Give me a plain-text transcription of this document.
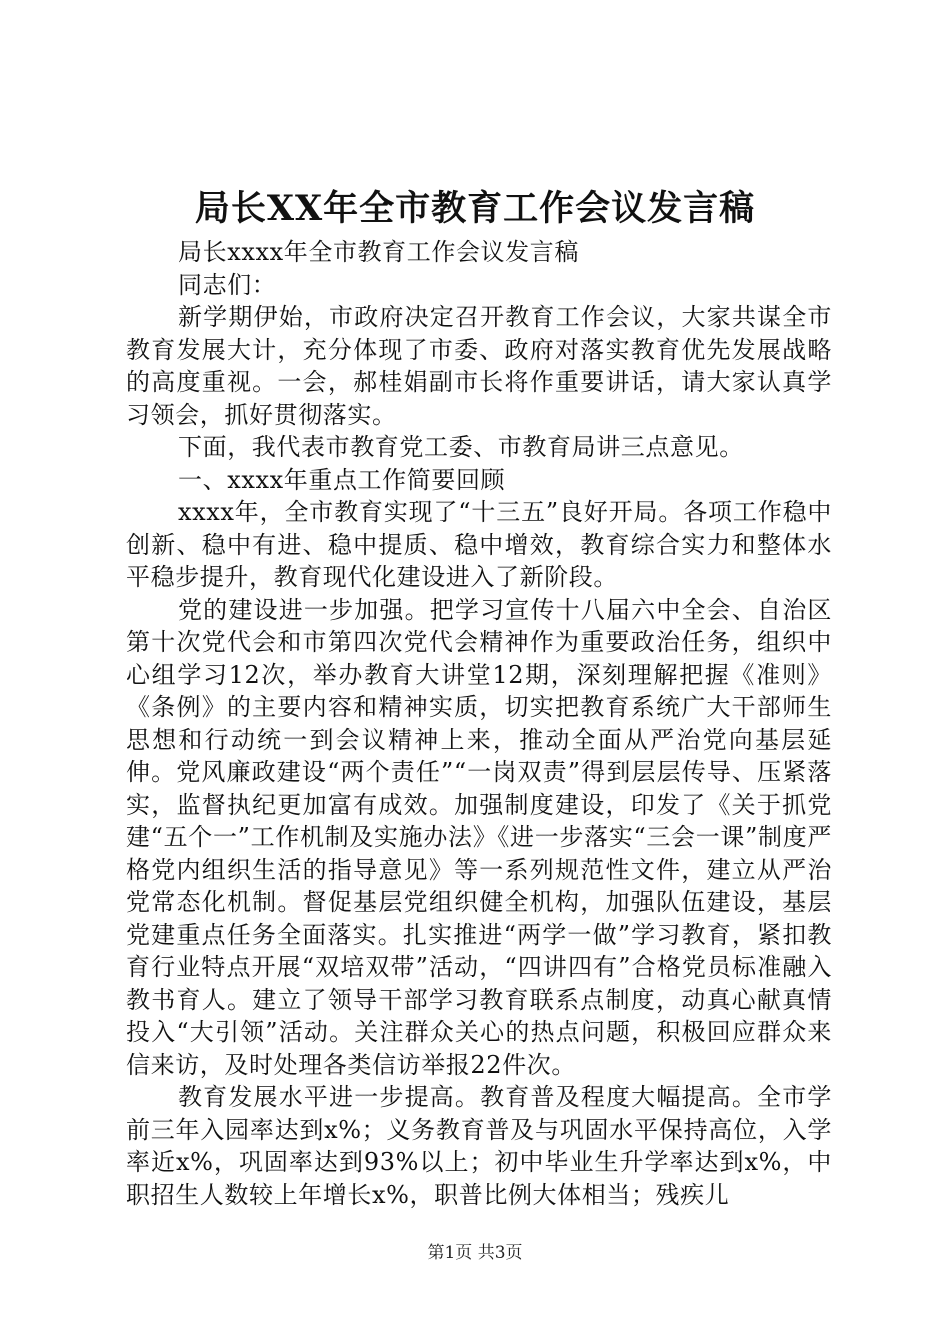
局长XX年全市教育工作会议发言稿

局长xxxx年全市教育工作会议发言稿

同志们：

新学期伊始，市政府决定召开教育工作会议，大家共谋全市教育发展大计，充分体现了市委、政府对落实教育优先发展战略的高度重视。一会，郝桂娟副市长将作重要讲话，请大家认真学习领会，抓好贯彻落实。

下面，我代表市教育党工委、市教育局讲三点意见。

一、xxxx年重点工作简要回顾

xxxx年，全市教育实现了“十三五”良好开局。各项工作稳中创新、稳中有进、稳中提质、稳中增效，教育综合实力和整体水平稳步提升，教育现代化建设进入了新阶段。

党的建设进一步加强。把学习宣传十八届六中全会、自治区第十次党代会和市第四次党代会精神作为重要政治任务，组织中心组学习12次，举办教育大讲堂12期，深刻理解把握《准则》《条例》的主要内容和精神实质，切实把教育系统广大干部师生思想和行动统一到会议精神上来，推动全面从严治党向基层延伸。党风廉政建设“两个责任”“一岗双责”得到层层传导、压紧落实，监督执纪更加富有成效。加强制度建设，印发了《关于抓党建“五个一”工作机制及实施办法》《进一步落实“三会一课”制度严格党内组织生活的指导意见》等一系列规范性文件，建立从严治党常态化机制。督促基层党组织健全机构，加强队伍建设，基层党建重点任务全面落实。扎实推进“两学一做”学习教育，紧扣教育行业特点开展“双培双带”活动，“四讲四有”合格党员标准融入教书育人。建立了领导干部学习教育联系点制度，动真心献真情投入“大引领”活动。关注群众关心的热点问题，积极回应群众来信来访，及时处理各类信访举报22件次。

教育发展水平进一步提高。教育普及程度大幅提高。全市学前三年入园率达到x%；义务教育普及与巩固水平保持高位，入学率近x%，巩固率达到93%以上；初中毕业生升学率达到x%，中职招生人数较上年增长x%，职普比例大体相当；残疾儿

第1页 共3页
